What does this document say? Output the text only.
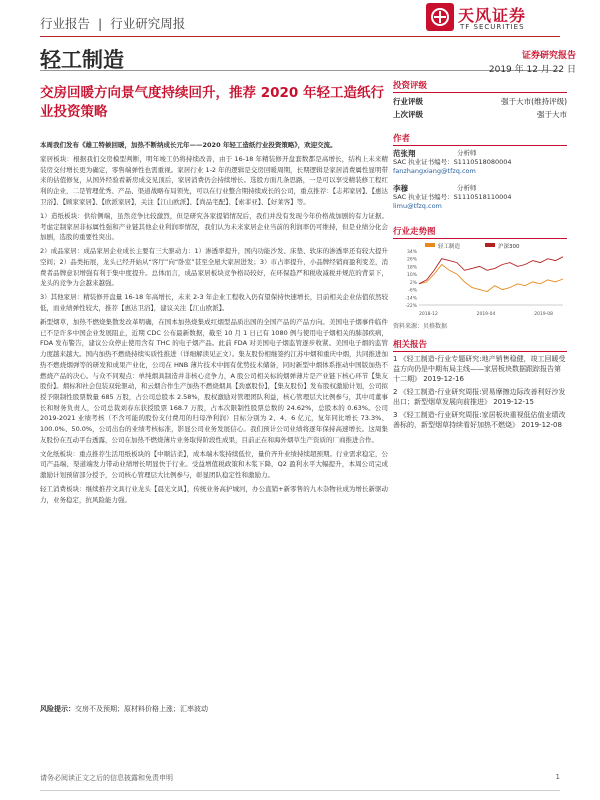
行业报告 | 行业研究周报	天风证券
TF SECURITIES
轻工制造	证券研究报告
2019 年 12 月 22 日
交房回暖方向景气度持续回升，推荐 2020 年轻工造纸行业投资策略

本周我们发布《雄工特候回暖，加热不断纳成长元年——2020 年轻工造纸行业投资策略》，欢迎交流。

家居板块：根据我们交房模型判断，明年竣工仍将持续改善，由于 16-18 年精装修开盘套数都是高增长，结构上未来精装房交付增长更为确定，零售端弹性也需重视。家居行业 1-2 年的逻辑是交房回暖周期，长期逻辑是家居消费属性显明带来的估值修复，从国外经验看新房成交见顶后，家居消费仍会持续增长。选股方面几条思路，一是可以享受精装修工程红利的企业，二是管理优秀、产品、渠道战略布局领先，可以在行业整合期持续成长的公司，重点推荐：【志邦家居】、【惠达卫浴】、【顾家家居】、【欧派家居】，关注【江山欧派】、【尚品宅配】、【索菲亚】、【好莱客】等。

1）造纸板块：供给侧端，虽然竞争比较激烈，但是研究各家提销情况后，我们并没有发现今年价格战加剧的有力证据。考虑定制家居非标属性强和产业链其他企业利润率情况，我们认为未来家居企业当前的利润率仍可维持，但是业绩分化会加剧，选股的重要性突出。

2）成品家居：成品家居企业成长主要有三大驱动力：1）渗透率提升，国内功能沙发、床垫、软床的渗透率还有较大提升空间；2）品类拓展，龙头已经开始从“客厅”向“卧室”甚至全屋大家居进发；3）市占率提升，小品牌经销商盈利变差，消费者品牌意识增强有利于集中度提升。总体而言，成品家居板块竞争格局较好，在环保趋严和税收减税并规范的背景下，龙头的竞争力会越来越强。

3）其他家居：精装修开盘量 16-18 年高增长，未来 2-3 年企业工程收入仍有望保持快速增长，目前相关企业估值依然较低，而业绩弹性较大，推荐【惠达卫浴】，建议关注【江山欧派】。

新型烟草，加热不燃烧集散发改革明确，在国本加热烧集成红烟型品质出国的全国产品的产品方向。美国电子烟事件临件已不是许多中国企业发展阻止，近期 CDC 公布最新数据，截至 10 月 1 日已有 1080 例与使用电子烟相关的肺部疾病，FDA 发布警告，建议公众停止使用含有 THC 的电子烟产品。此前 FDA 对美国电子烟监管逐步收紧。美国电子烟的监管力度越来越大。国内加热不燃烧持续实质性推进（详细解读见正文）。集友股份相继签约江苏中烟和重庆中烟，共同推进加热不燃烧烟弹等的研发和成果产业化，公司在 HNB 薄片技术中拥有优势技术储备，同时新型中烟体系推动中国版加热不燃烧产品的决心。与众不同观点：单纯烟具制造并非核心竞争力，A 股公司相关标的烟弹薄片是产业链下核心环节【集友股份】。烟标和社会包装双轮驱动，和云烟合作生产加热不燃烧烟具【劲嘉股份】，【集友股份】发布股权激励计划，公司拟授予限制性股票数量 685 万股，占公司总股本 2.58%，股权激励对管理团队利益，核心管理层大比例参与，其中司董事长和财务负责人，公司总裁刘春东获授股票 168.7 万股，占本次限制性股票总数的 24.62%，总股本的 0.63%。公司 2019-2021 业绩考核（不含可能的股份支付费用的归母净利润）目标分别为 2、4、6 亿元，复年同比增长 73.3%、100.0%、50.0%，公司出台的业绩考核标准，影显公司业务发展信心。我们预计公司业绩将逐年保持高速增长。这周集友股份在互动平台透露，公司在加热不燃烧薄片业务取得阶段性成果，目前正在和海外烟草生产资质的厂商推进合作。

文化纸板块：重点推荐生活用纸板块的【中顺洁柔】，成本端木浆持续低位，量价齐升业绩持续超预期。行业需求稳定，公司产品端、渠道端发力带动业绩增长明显快于行业。受益增值税政策和木浆下降，Q2 盈利水平大幅提升，本周公司完成激励计划预留部分授予，公司核心管理层大比例参与，彰显团队稳定性和激励力。

轻工消费板块：继续推荐文具行业龙头【晨光文具】，传统业务高护城河，办公直销+新零售的九木杂物社成为增长新驱动力，业务稳定，抗风险能力强。

风险提示：交房不及预期；原材料价格上涨；汇率波动
投资评级
行业评级	强于大市(维持评级)
上次评级	强于大市
作者
范张翔	分析师
SAC 执业证书编号：S1110518080004
fanzhangxiang@tfzq.com
李穆	分析师
SAC 执业证书编号：S1110518110004
limu@tfzq.com
行业走势图
轻工制造	沪深300
34%
26%
18%
10%
2%
-6%
-14%
-22%
2018-12	2019-04	2019-08
资料来源：贝格数据
相关报告

1 《轻工制造-行业专题研究:地产销售稳健，竣工回暖受益方向仍是中期布局主线——家居板块数据跟踪报告第十二期》 2019-12-16

2 《轻工制造-行业研究周报:贸易摩擦边际改善利好沙发出口；新型烟草发展向前推进》 2019-12-15

3 《轻工制造-行业研究周报:家居板块重视低估值业绩改善标的，新型烟草持续看好加热不燃烧》 2019-12-08

请务必阅读正文之后的信息披露和免责申明	1
